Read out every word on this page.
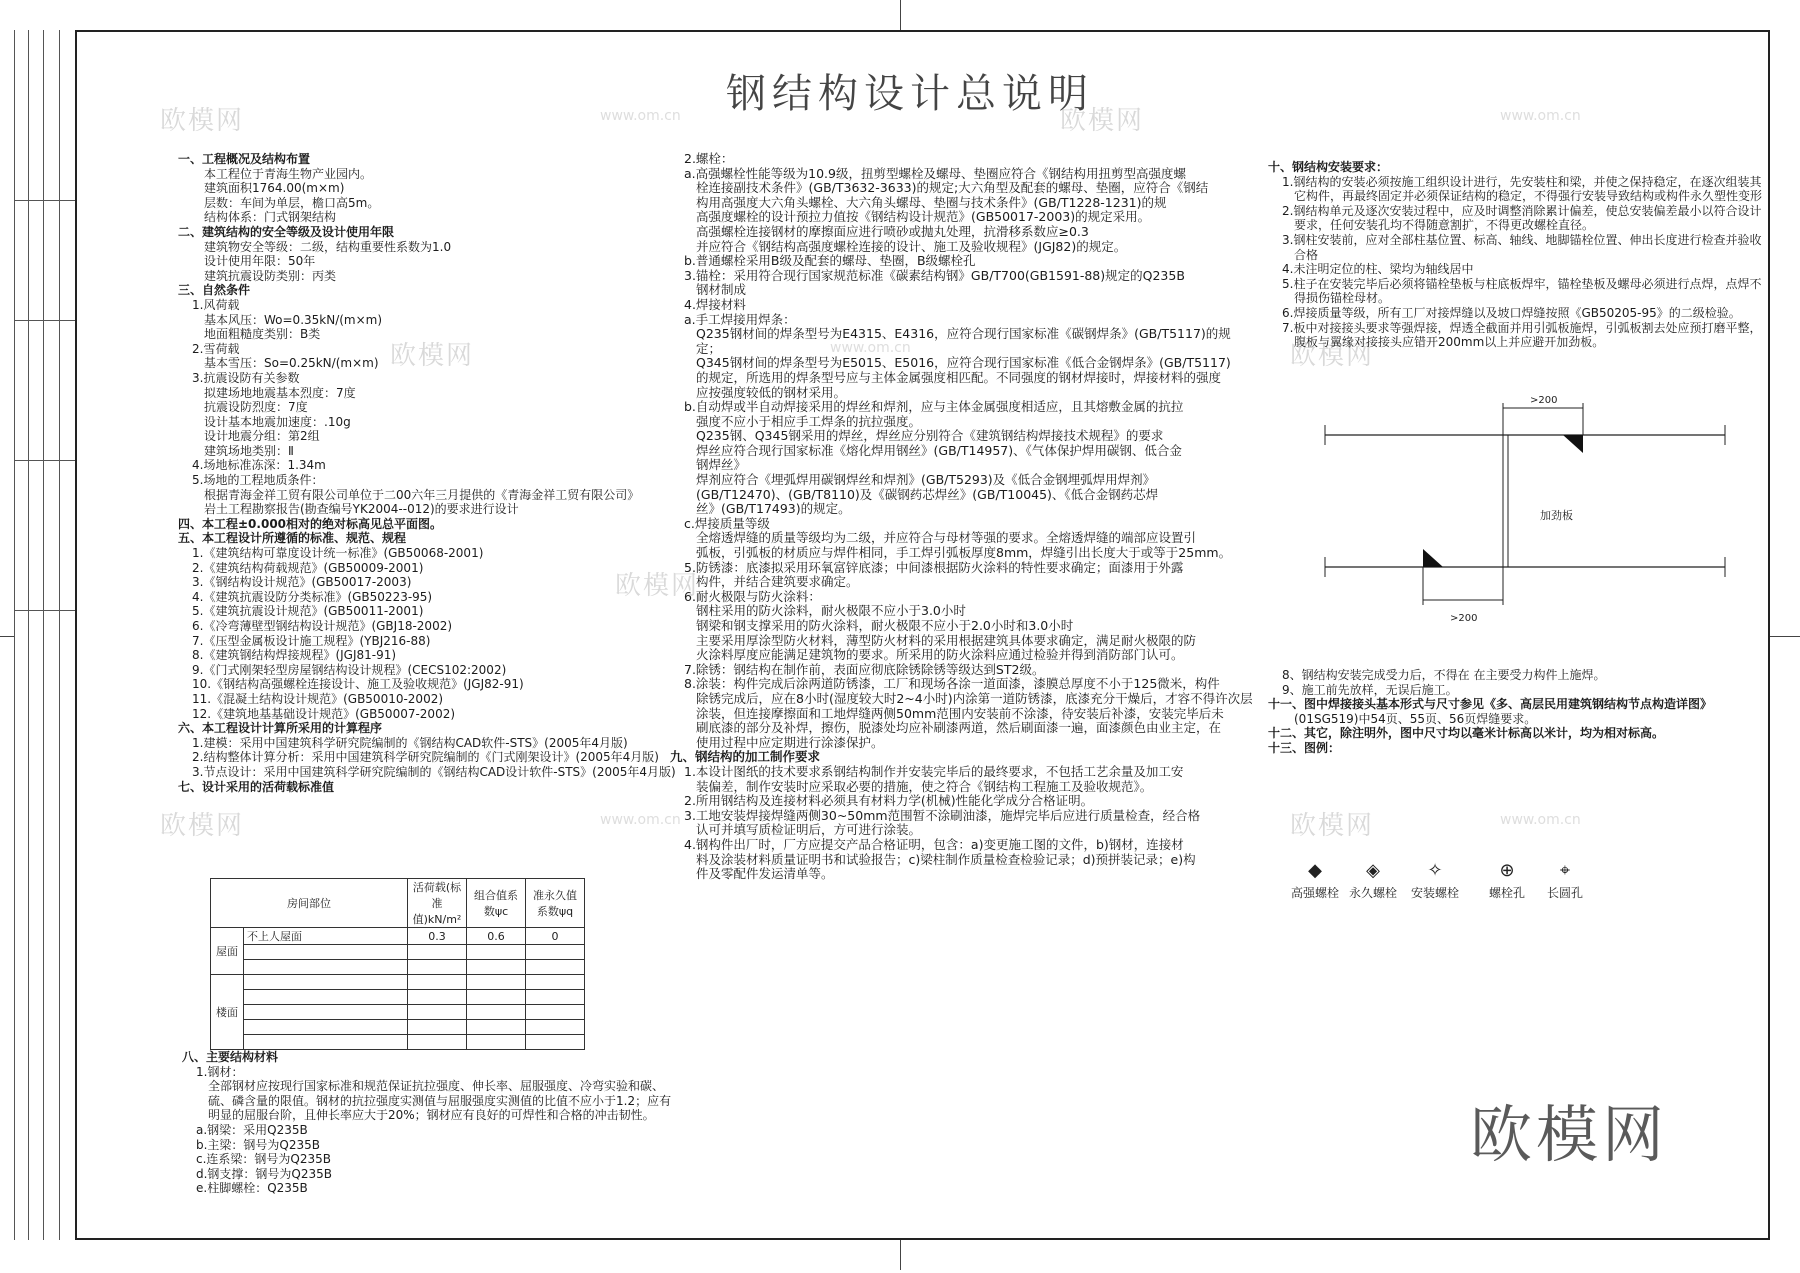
欧模网	欧模网
欧模网	欧模网
欧模网
欧模网	欧模网
www.om.cn	www.om.cn
www.om.cn
www.om.cn	www.om.cn
钢结构设计总说明
一、工程概况及结构布置
本工程位于青海生物产业园内。
建筑面积1764.00(m×m)
层数：车间为单层，檐口高5m。
结构体系：门式钢架结构
二、建筑结构的安全等级及设计使用年限
建筑物安全等级：二级，结构重要性系数为1.0
设计使用年限：50年
建筑抗震设防类别：丙类
三、自然条件
1.风荷载
基本风压：Wo=0.35kN/(m×m)
地面粗糙度类别：B类
2.雪荷载
基本雪压：So=0.25kN/(m×m)
3.抗震设防有关参数
拟建场地地震基本烈度：7度
抗震设防烈度：7度
设计基本地震加速度：.10g
设计地震分组：第2组
建筑场地类别：Ⅱ
4.场地标准冻深：1.34m
5.场地的工程地质条件：
根据青海金祥工贸有限公司单位于二00六年三月提供的《青海金祥工贸有限公司》
岩土工程勘察报告(勘查编号YK2004--012)的要求进行设计
四、本工程±0.000相对的绝对标高见总平面图。
五、本工程设计所遵循的标准、规范、规程
1.《建筑结构可靠度设计统一标准》(GB50068-2001)
2.《建筑结构荷载规范》(GB50009-2001)
3.《钢结构设计规范》(GB50017-2003)
4.《建筑抗震设防分类标准》(GB50223-95)
5.《建筑抗震设计规范》(GB50011-2001)
6.《冷弯薄壁型钢结构设计规范》(GBJ18-2002)
7.《压型金属板设计施工规程》(YBJ216-88)
8.《建筑钢结构焊接规程》(JGJ81-91)
9.《门式刚架轻型房屋钢结构设计规程》(CECS102:2002)
10.《钢结构高强螺栓连接设计、施工及验收规范》(JGJ82-91)
11.《混凝土结构设计规范》(GB50010-2002)
12.《建筑地基基础设计规范》(GB50007-2002)
六、本工程设计计算所采用的计算程序
1.建模：采用中国建筑科学研究院编制的《钢结构CAD软件-STS》(2005年4月版)
2.结构整体计算分析：采用中国建筑科学研究院编制的《门式刚架设计》(2005年4月版)
3.节点设计：采用中国建筑科学研究院编制的《钢结构CAD设计软件-STS》(2005年4月版)
七、设计采用的活荷载标准值
房间部位		活荷载(标准值)kN/m²	组合值系数ψc	准永久值系数ψq
屋面	不上人屋面	0.3	0.6	0

楼面				

八、主要结构材料
1.钢材：
全部钢材应按现行国家标准和规范保证抗拉强度、伸长率、屈服强度、冷弯实验和碳、
硫、磷含量的限值。钢材的抗拉强度实测值与屈服强度实测值的比值不应小于1.2；应有
明显的屈服台阶，且伸长率应大于20%；钢材应有良好的可焊性和合格的冲击韧性。
a.钢梁：采用Q235B
b.主梁：钢号为Q235B
c.连系梁：钢号为Q235B
d.钢支撑：钢号为Q235B
e.柱脚螺栓：Q235B
2.螺栓：
a.高强螺栓性能等级为10.9级，扭剪型螺栓及螺母、垫圈应符合《钢结构用扭剪型高强度螺
栓连接副技术条件》(GB/T3632-3633)的规定;大六角型及配套的螺母、垫圈，应符合《钢结
构用高强度大六角头螺栓、大六角头螺母、垫圈与技术条件》(GB/T1228-1231)的规
高强度螺栓的设计预拉力值按《钢结构设计规范》(GB50017-2003)的规定采用。
高强螺栓连接钢材的摩擦面应进行喷砂或抛丸处理，抗滑移系数应≥0.3
并应符合《钢结构高强度螺栓连接的设计、施工及验收规程》(JGJ82)的规定。
b.普通螺栓采用B级及配套的螺母、垫圈，B级螺栓孔
3.锚栓：采用符合现行国家规范标准《碳素结构钢》GB/T700(GB1591-88)规定的Q235B
钢材制成
4.焊接材料
a.手工焊接用焊条：
Q235钢材间的焊条型号为E4315、E4316，应符合现行国家标准《碳钢焊条》(GB/T5117)的规
定；
Q345钢材间的焊条型号为E5015、E5016，应符合现行国家标准《低合金钢焊条》(GB/T5117)
的规定，所选用的焊条型号应与主体金属强度相匹配。不同强度的钢材焊接时，焊接材料的强度
应按强度较低的钢材采用。
b.自动焊或半自动焊接采用的焊丝和焊剂，应与主体金属强度相适应，且其熔敷金属的抗拉
强度不应小于相应手工焊条的抗拉强度。
Q235钢、Q345钢采用的焊丝，焊丝应分别符合《建筑钢结构焊接技术规程》的要求
焊丝应符合现行国家标准《熔化焊用钢丝》(GB/T14957)、《气体保护焊用碳钢、低合金
钢焊丝》
焊剂应符合《埋弧焊用碳钢焊丝和焊剂》(GB/T5293)及《低合金钢埋弧焊用焊剂》
(GB/T12470)、(GB/T8110)及《碳钢药芯焊丝》(GB/T10045)、《低合金钢药芯焊
丝》(GB/T17493)的规定。
c.焊接质量等级
全熔透焊缝的质量等级均为二级，并应符合与母材等强的要求。全熔透焊缝的端部应设置引
弧板，引弧板的材质应与焊件相同，手工焊引弧板厚度8mm，焊缝引出长度大于或等于25mm。
5.防锈漆：底漆拟采用环氧富锌底漆；中间漆根据防火涂料的特性要求确定；面漆用于外露
构件，并结合建筑要求确定。
6.耐火极限与防火涂料：
钢柱采用的防火涂料，耐火极限不应小于3.0小时
钢梁和钢支撑采用的防火涂料，耐火极限不应小于2.0小时和3.0小时
主要采用厚涂型防火材料，薄型防火材料的采用根据建筑具体要求确定，满足耐火极限的防
火涂料厚度应能满足建筑物的要求。所采用的防火涂料应通过检验并得到消防部门认可。
7.除锈：钢结构在制作前，表面应彻底除锈除锈等级达到ST2级。
8.涂装：构件完成后涂两道防锈漆，工厂和现场各涂一道面漆，漆膜总厚度不小于125微米，构件
除锈完成后，应在8小时(湿度较大时2~4小时)内涂第一道防锈漆，底漆充分干燥后，才容不得许次层
涂装，但连接摩擦面和工地焊缝两侧50mm范围内安装前不涂漆，待安装后补漆，安装完毕后未
刷底漆的部分及补焊，擦伤，脱漆处均应补刷漆两道，然后刷面漆一遍，面漆颜色由业主定，在
使用过程中应定期进行涂漆保护。
九、钢结构的加工制作要求
1.本设计图纸的技术要求系钢结构制作并安装完毕后的最终要求，不包括工艺余量及加工安
装偏差，制作安装时应采取必要的措施，使之符合《钢结构工程施工及验收规范》。
2.所用钢结构及连接材料必须具有材料力学(机械)性能化学成分合格证明。
3.工地安装焊接焊缝两侧30~50mm范围暂不涂刷油漆，施焊完毕后应进行质量检查，经合格
认可并填写质检证明后，方可进行涂装。
4.钢构件出厂时，厂方应提交产品合格证明，包含：a)变更施工图的文件，b)钢材，连接材
料及涂装材料质量证明书和试验报告；c)梁柱制作质量检查检验记录；d)预拼装记录；e)构
件及零配件发运清单等。
十、钢结构安装要求：
1.钢结构的安装必须按施工组织设计进行，先安装柱和梁，并使之保持稳定，在逐次组装其
它构件，再最终固定并必须保证结构的稳定，不得强行安装导致结构或构件永久塑性变形
2.钢结构单元及逐次安装过程中，应及时调整消除累计偏差，使总安装偏差最小以符合设计
要求，任何安装孔均不得随意割扩，不得更改螺栓直径。
3.钢柱安装前，应对全部柱基位置、标高、轴线、地脚锚栓位置、伸出长度进行检查并验收
合格
4.未注明定位的柱、梁均为轴线居中
5.柱子在安装完毕后必须将锚栓垫板与柱底板焊牢，锚栓垫板及螺母必须进行点焊，点焊不
得损伤锚栓母材。
6.焊接质量等级，所有工厂对接焊缝以及坡口焊缝按照《GB50205-95》的二级检验。
7.板中对接接头要求等强焊接，焊透全截面并用引弧板施焊，引弧板割去处应预打磨平整，
腹板与翼缘对接接头应错开200mm以上并应避开加劲板。
>200
>200
加劲板
8、钢结构安装完成受力后，不得在 在主要受力构件上施焊。
9、施工前先放样，无误后施工。
十一、图中焊接接头基本形式与尺寸参见《多、高层民用建筑钢结构节点构造详图》
(01SG519)中54页、55页、56页焊缝要求。
十二、其它，除注明外，图中尺寸均以毫米计标高以米计，均为相对标高。
十三、图例：
◆
高强螺栓
◈
永久螺栓
✧
安装螺栓
⊕
螺栓孔
⌖
长圆孔
欧模网
